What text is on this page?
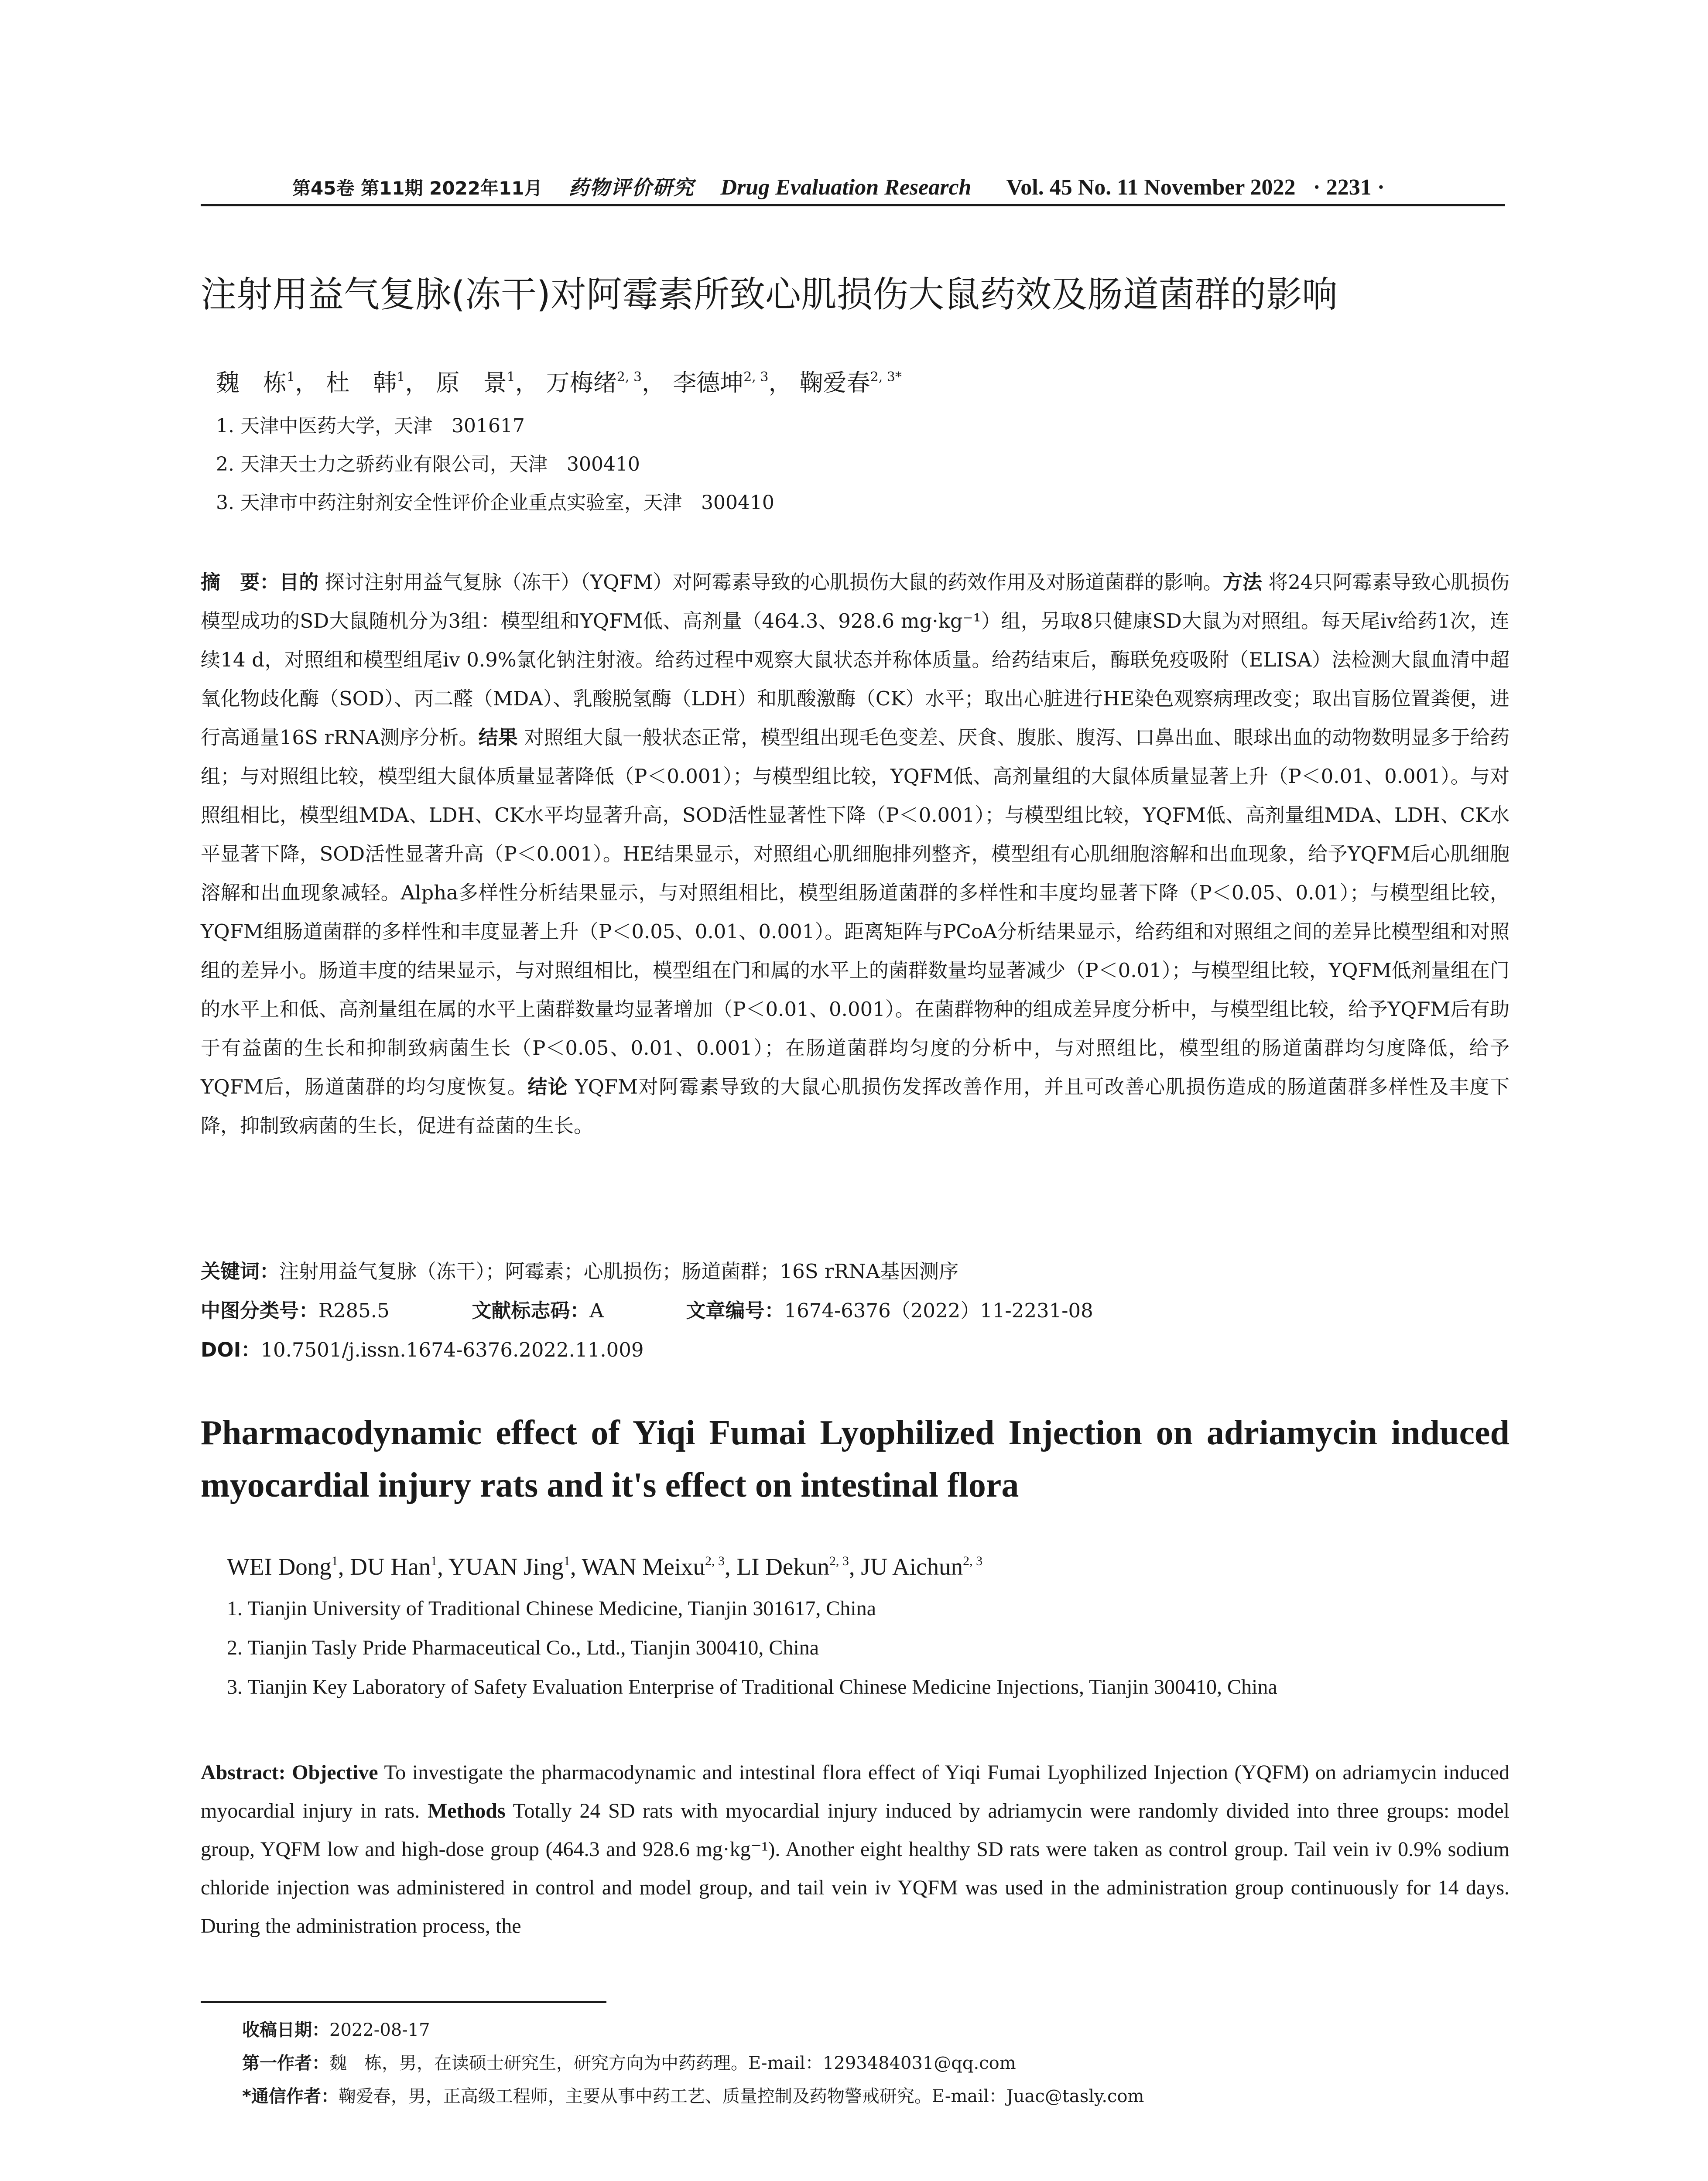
第45卷 第11期 2022年11月 药物评价研究 Drug Evaluation Research Vol. 45 No. 11 November 2022 · 2231 ·
注射用益气复脉(冻干)对阿霉素所致心肌损伤大鼠药效及肠道菌群的影响
魏　栋$^1$， 杜　韩$^1$， 原　景$^1$， 万梅绪$^{2, 3}$， 李德坤$^{2, 3}$， 鞠爱春$^{2, 3*}$
1. 天津中医药大学，天津　301617
2. 天津天士力之骄药业有限公司，天津　300410
3. 天津市中药注射剂安全性评价企业重点实验室，天津　300410
摘　要：目的 探讨注射用益气复脉（冻干）（YQFM）对阿霉素导致的心肌损伤大鼠的药效作用及对肠道菌群的影响。方法 将24只阿霉素导致心肌损伤模型成功的SD大鼠随机分为3组：模型组和YQFM低、高剂量（464.3、928.6 mg·kg⁻¹）组，另取8只健康SD大鼠为对照组。每天尾iv给药1次，连续14 d，对照组和模型组尾iv 0.9%氯化钠注射液。给药过程中观察大鼠状态并称体质量。给药结束后，酶联免疫吸附（ELISA）法检测大鼠血清中超氧化物歧化酶（SOD）、丙二醛（MDA）、乳酸脱氢酶（LDH）和肌酸激酶（CK）水平；取出心脏进行HE染色观察病理改变；取出盲肠位置粪便，进行高通量16S rRNA测序分析。结果 对照组大鼠一般状态正常，模型组出现毛色变差、厌食、腹胀、腹泻、口鼻出血、眼球出血的动物数明显多于给药组；与对照组比较，模型组大鼠体质量显著降低（P＜0.001）；与模型组比较，YQFM低、高剂量组的大鼠体质量显著上升（P＜0.01、0.001）。与对照组相比，模型组MDA、LDH、CK水平均显著升高，SOD活性显著性下降（P＜0.001）；与模型组比较，YQFM低、高剂量组MDA、LDH、CK水平显著下降，SOD活性显著升高（P＜0.001）。HE结果显示，对照组心肌细胞排列整齐，模型组有心肌细胞溶解和出血现象，给予YQFM后心肌细胞溶解和出血现象减轻。Alpha多样性分析结果显示，与对照组相比，模型组肠道菌群的多样性和丰度均显著下降（P＜0.05、0.01）；与模型组比较，YQFM组肠道菌群的多样性和丰度显著上升（P＜0.05、0.01、0.001）。距离矩阵与PCoA分析结果显示，给药组和对照组之间的差异比模型组和对照组的差异小。肠道丰度的结果显示，与对照组相比，模型组在门和属的水平上的菌群数量均显著减少（P＜0.01）；与模型组比较，YQFM低剂量组在门的水平上和低、高剂量组在属的水平上菌群数量均显著增加（P＜0.01、0.001）。在菌群物种的组成差异度分析中，与模型组比较，给予YQFM后有助于有益菌的生长和抑制致病菌生长（P＜0.05、0.01、0.001）；在肠道菌群均匀度的分析中，与对照组比，模型组的肠道菌群均匀度降低，给予YQFM后，肠道菌群的均匀度恢复。结论 YQFM对阿霉素导致的大鼠心肌损伤发挥改善作用，并且可改善心肌损伤造成的肠道菌群多样性及丰度下降，抑制致病菌的生长，促进有益菌的生长。
关键词：注射用益气复脉（冻干）；阿霉素；心肌损伤；肠道菌群；16S rRNA基因测序
中图分类号：R285.5	文献标志码：A	文章编号：1674-6376（2022）11-2231-08
DOI：10.7501/j.issn.1674-6376.2022.11.009
Pharmacodynamic effect of Yiqi Fumai Lyophilized Injection on adriamycin induced myocardial injury rats and it's effect on intestinal flora
WEI Dong$^1$, DU Han$^1$, YUAN Jing$^1$, WAN Meixu$^{2, 3}$, LI Dekun$^{2, 3}$, JU Aichun$^{2, 3}$
1. Tianjin University of Traditional Chinese Medicine, Tianjin 301617, China
2. Tianjin Tasly Pride Pharmaceutical Co., Ltd., Tianjin 300410, China
3. Tianjin Key Laboratory of Safety Evaluation Enterprise of Traditional Chinese Medicine Injections, Tianjin 300410, China
Abstract: Objective To investigate the pharmacodynamic and intestinal flora effect of Yiqi Fumai Lyophilized Injection (YQFM) on adriamycin induced myocardial injury in rats. Methods Totally 24 SD rats with myocardial injury induced by adriamycin were randomly divided into three groups: model group, YQFM low and high-dose group (464.3 and 928.6 mg·kg⁻¹). Another eight healthy SD rats were taken as control group. Tail vein iv 0.9% sodium chloride injection was administered in control and model group, and tail vein iv YQFM was used in the administration group continuously for 14 days. During the administration process, the
收稿日期：2022-08-17
第一作者：魏　栋，男，在读硕士研究生，研究方向为中药药理。E-mail：1293484031@qq.com
*通信作者：鞠爱春，男，正高级工程师，主要从事中药工艺、质量控制及药物警戒研究。E-mail：Juac@tasly.com
